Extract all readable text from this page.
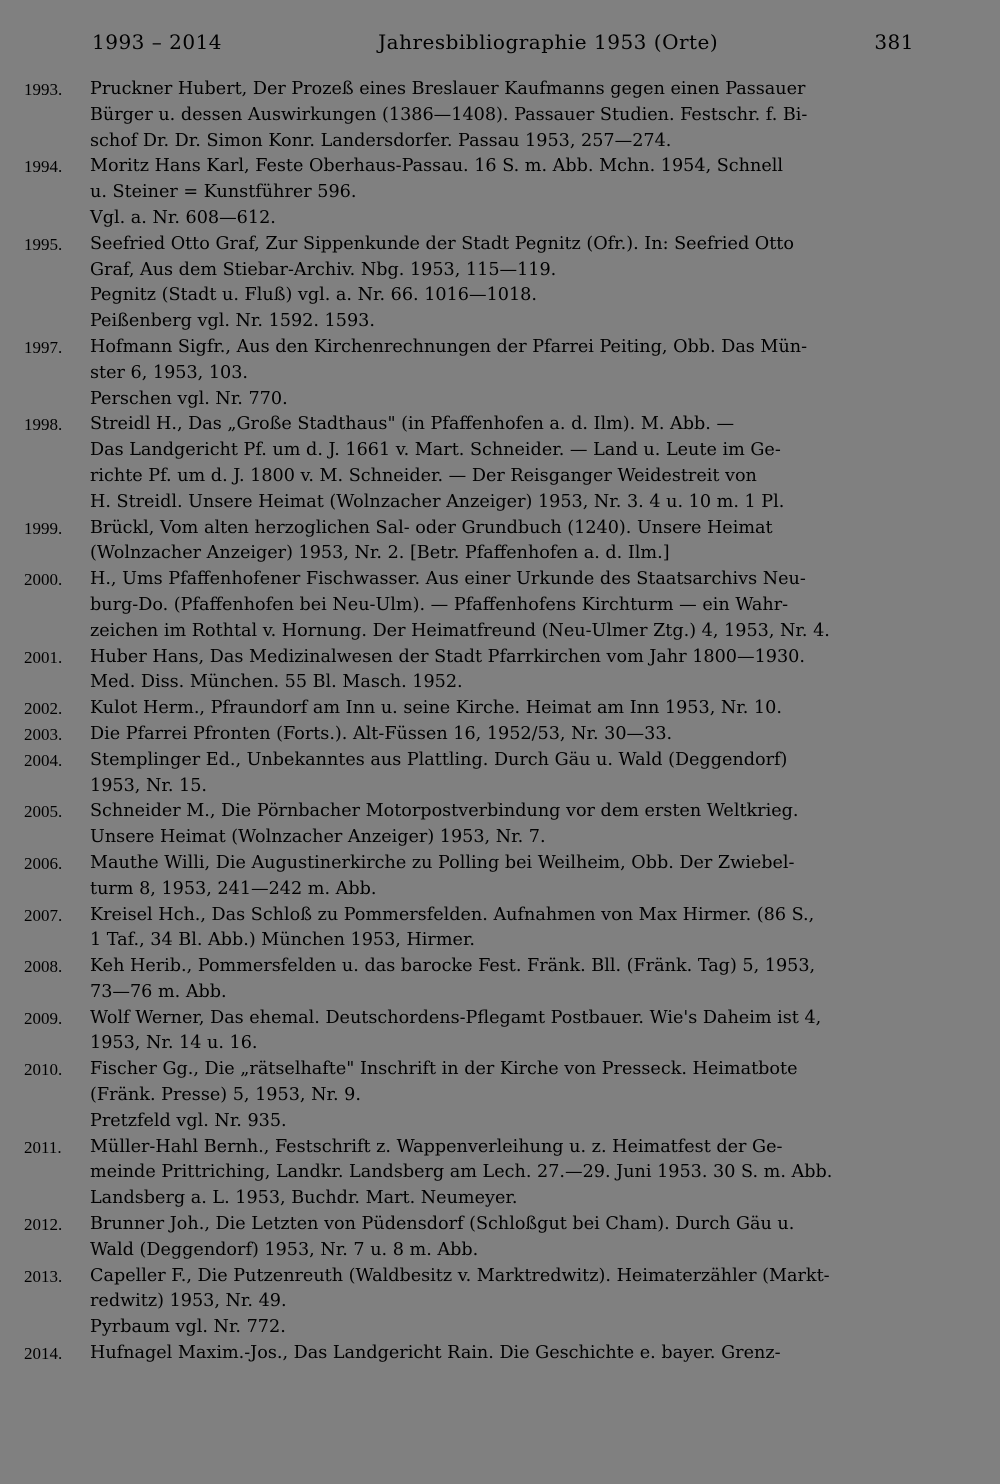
1993 – 2014	Jahresbibliographie 1953 (Orte)	381
1993.	Pruckner Hubert, Der Prozeß eines Breslauer Kaufmanns gegen einen Passauer
Bürger u. dessen Auswirkungen (1386—1408). Passauer Studien. Festschr. f. Bi-
schof Dr. Dr. Simon Konr. Landersdorfer. Passau 1953, 257—274.
1994.	Moritz Hans Karl, Feste Oberhaus-Passau. 16 S. m. Abb. Mchn. 1954, Schnell
u. Steiner = Kunstführer 596.
Vgl. a. Nr. 608—612.
1995.	Seefried Otto Graf, Zur Sippenkunde der Stadt Pegnitz (Ofr.). In: Seefried Otto
Graf, Aus dem Stiebar-Archiv. Nbg. 1953, 115—119.
Pegnitz (Stadt u. Fluß) vgl. a. Nr. 66. 1016—1018.
Peißenberg vgl. Nr. 1592. 1593.
1997.	Hofmann Sigfr., Aus den Kirchenrechnungen der Pfarrei Peiting, Obb. Das Mün-
ster 6, 1953, 103.
Perschen vgl. Nr. 770.
1998.	Streidl H., Das „Große Stadthaus" (in Pfaffenhofen a. d. Ilm). M. Abb. —
Das Landgericht Pf. um d. J. 1661 v. Mart. Schneider. — Land u. Leute im Ge-
richte Pf. um d. J. 1800 v. M. Schneider. — Der Reisganger Weidestreit von
H. Streidl. Unsere Heimat (Wolnzacher Anzeiger) 1953, Nr. 3. 4 u. 10 m. 1 Pl.
1999.	Brückl, Vom alten herzoglichen Sal- oder Grundbuch (1240). Unsere Heimat
(Wolnzacher Anzeiger) 1953, Nr. 2. [Betr. Pfaffenhofen a. d. Ilm.]
2000.	H., Ums Pfaffenhofener Fischwasser. Aus einer Urkunde des Staatsarchivs Neu-
burg-Do. (Pfaffenhofen bei Neu-Ulm). — Pfaffenhofens Kirchturm — ein Wahr-
zeichen im Rothtal v. Hornung. Der Heimatfreund (Neu-Ulmer Ztg.) 4, 1953, Nr. 4.
2001.	Huber Hans, Das Medizinalwesen der Stadt Pfarrkirchen vom Jahr 1800—1930.
Med. Diss. München. 55 Bl. Masch. 1952.
2002.	Kulot Herm., Pfraundorf am Inn u. seine Kirche. Heimat am Inn 1953, Nr. 10.
2003.	Die Pfarrei Pfronten (Forts.). Alt-Füssen 16, 1952/53, Nr. 30—33.
2004.	Stemplinger Ed., Unbekanntes aus Plattling. Durch Gäu u. Wald (Deggendorf)
1953, Nr. 15.
2005.	Schneider M., Die Pörnbacher Motorpostverbindung vor dem ersten Weltkrieg.
Unsere Heimat (Wolnzacher Anzeiger) 1953, Nr. 7.
2006.	Mauthe Willi, Die Augustinerkirche zu Polling bei Weilheim, Obb. Der Zwiebel-
turm 8, 1953, 241—242 m. Abb.
2007.	Kreisel Hch., Das Schloß zu Pommersfelden. Aufnahmen von Max Hirmer. (86 S.,
1 Taf., 34 Bl. Abb.) München 1953, Hirmer.
2008.	Keh Herib., Pommersfelden u. das barocke Fest. Fränk. Bll. (Fränk. Tag) 5, 1953,
73—76 m. Abb.
2009.	Wolf Werner, Das ehemal. Deutschordens-Pflegamt Postbauer. Wie's Daheim ist 4,
1953, Nr. 14 u. 16.
2010.	Fischer Gg., Die „rätselhafte" Inschrift in der Kirche von Pressеck. Heimatbote
(Fränk. Presse) 5, 1953, Nr. 9.
Pretzfeld vgl. Nr. 935.
2011.	Müller-Hahl Bernh., Festschrift z. Wappenverleihung u. z. Heimatfest der Ge-
meinde Prittriching, Landkr. Landsberg am Lech. 27.—29. Juni 1953. 30 S. m. Abb.
Landsberg a. L. 1953, Buchdr. Mart. Neumeyer.
2012.	Brunner Joh., Die Letzten von Püdensdorf (Schloßgut bei Cham). Durch Gäu u.
Wald (Deggendorf) 1953, Nr. 7 u. 8 m. Abb.
2013.	Capeller F., Die Putzenreuth (Waldbesitz v. Marktredwitz). Heimaterzähler (Markt-
redwitz) 1953, Nr. 49.
Pyrbaum vgl. Nr. 772.
2014.	Hufnagel Maxim.-Jos., Das Landgericht Rain. Die Geschichte e. bayer. Grenz-
